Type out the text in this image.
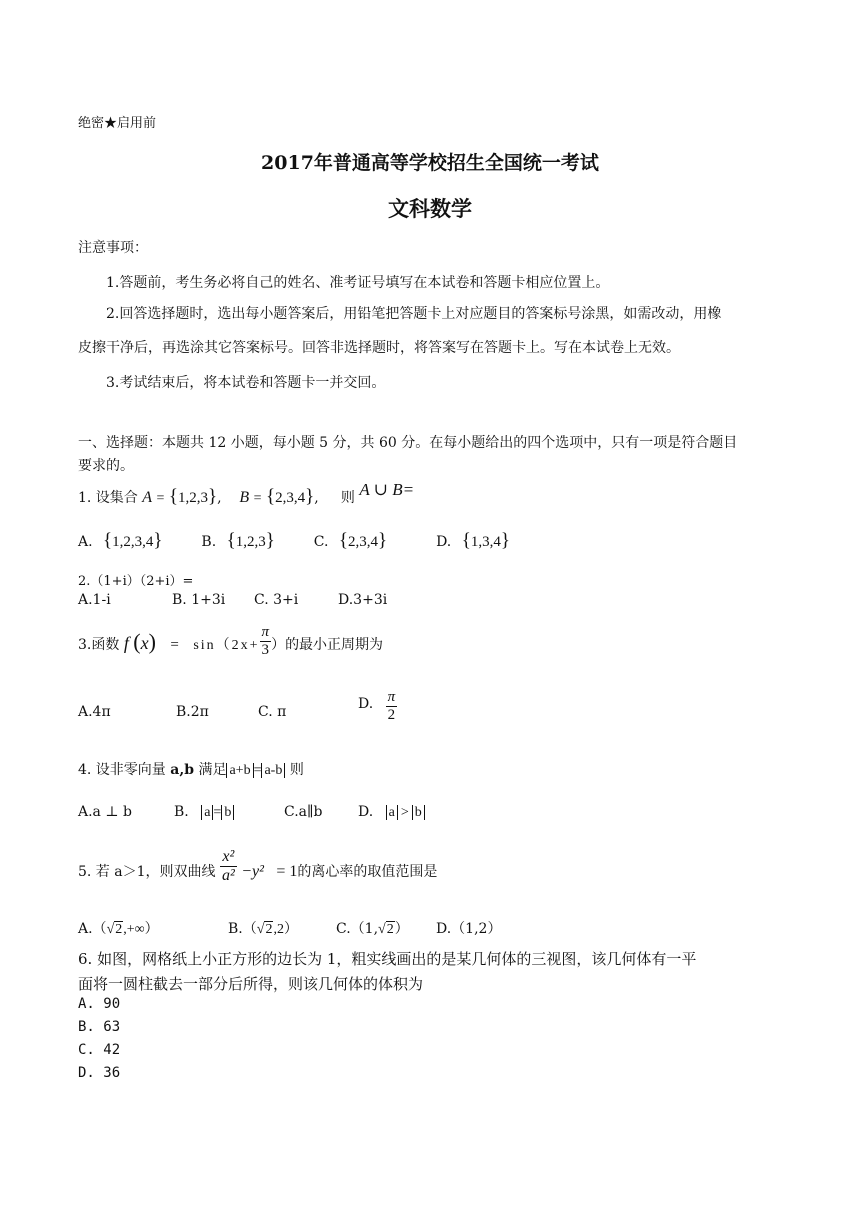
绝密★启用前
2017年普通高等学校招生全国统一考试
文科数学
注意事项：
1.答题前，考生务必将自己的姓名、准考证号填写在本试卷和答题卡相应位置上。
2.回答选择题时，选出每小题答案后，用铅笔把答题卡上对应题目的答案标号涂黑，如需改动，用橡
皮擦干净后，再选涂其它答案标号。回答非选择题时，将答案写在答题卡上。写在本试卷上无效。
3.考试结束后，将本试卷和答题卡一并交回。
一、选择题：本题共 12 小题，每小题 5 分，共 60 分。在每小题给出的四个选项中，只有一项是符合题目
要求的。
1. 设集合 A = {1,2,3},    B = {2,3,4},     则 A ∪ B=
A. {1,2,3,4}	B. {1,2,3}	C. {2,3,4}	D. {1,3,4}
2.（1+i）（2+i）=
A.1-i	B. 1+3i C. 3+i	D.3+3i
3.函数 f $(x) = \sin(2x+ \frac{\pi}{3}$ ）的最小正周期为
A.4π	B.2π	C. π	D. $\frac{\pi}{2}$
4. 设非零向量 a,b 满足 a+b = a-b 则
A.a ⊥ b	B. a = b	C.a∥b	D. a > b
5. 若 a＞1，则双曲线 $\frac{\text{x²}}{\text{a²}} -y^2 = 1$的离心率的取值范围是
A.（√2,+∞）	B.（√2,2）	C.（1,√2） D.（1,2）
6. 如图，网格纸上小正方形的边长为 1，粗实线画出的是某几何体的三视图，该几何体有一平
面将一圆柱截去一部分后所得，则该几何体的体积为
A. 90
B. 63
C. 42
D. 36
